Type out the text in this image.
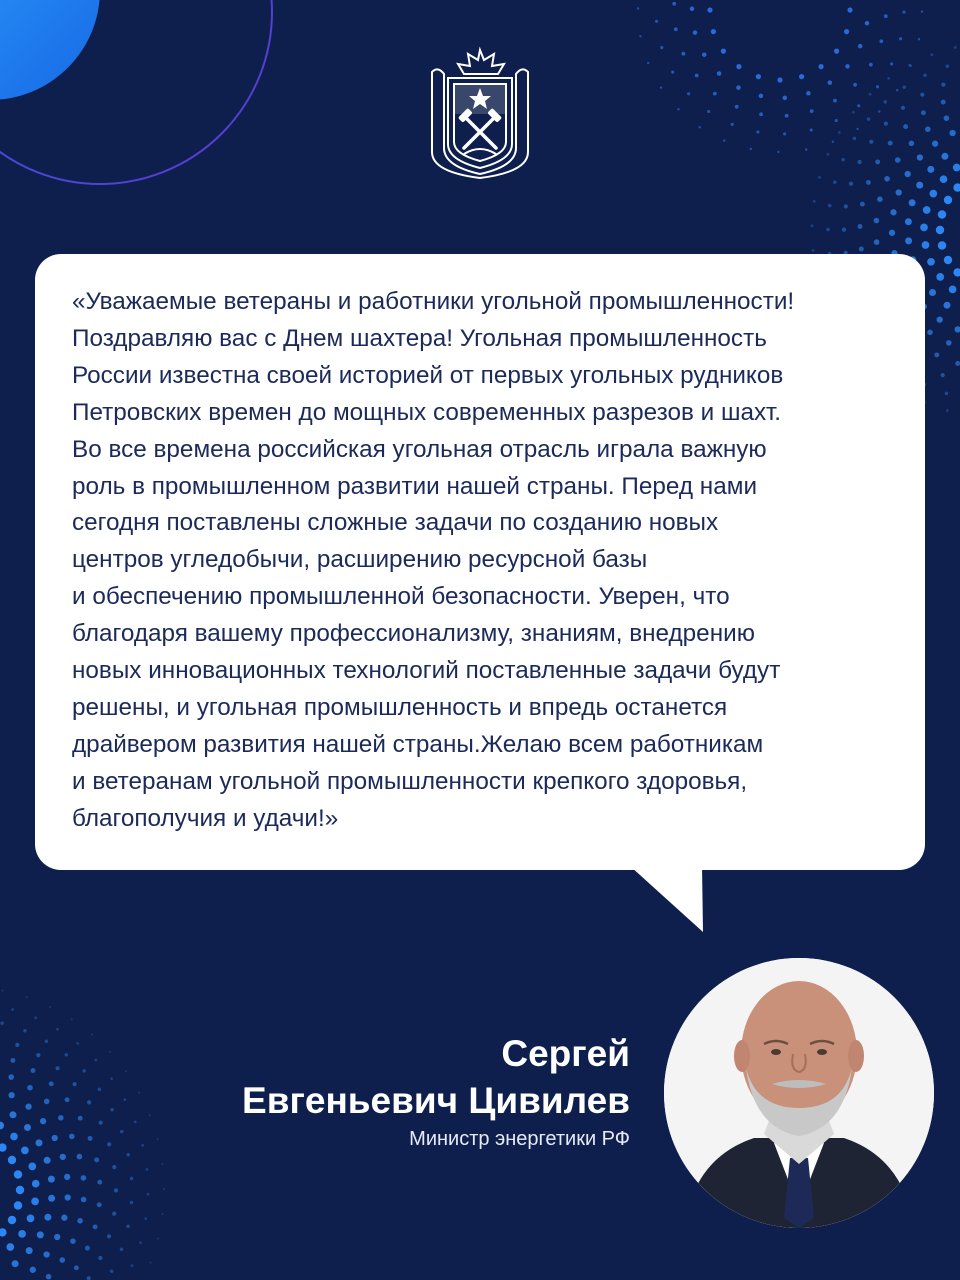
«Уважаемые ветераны и работники угольной промышленности!
Поздравляю вас с Днем шахтера! Угольная промышленность
России известна своей историей от первых угольных рудников
Петровских времен до мощных современных разрезов и шахт.
Во все времена российская угольная отрасль играла важную
роль в промышленном развитии нашей страны. Перед нами
сегодня поставлены сложные задачи по созданию новых
центров угледобычи, расширению ресурсной базы
и обеспечению промышленной безопасности. Уверен, что
благодаря вашему профессионализму, знаниям, внедрению
новых инновационных технологий поставленные задачи будут
решены, и угольная промышленность и впредь останется
драйвером развития нашей страны.Желаю всем работникам
и ветеранам угольной промышленности крепкого здоровья,
благополучия и удачи!»

Сергей
Евгеньевич Цивилев

Министр энергетики РФ
